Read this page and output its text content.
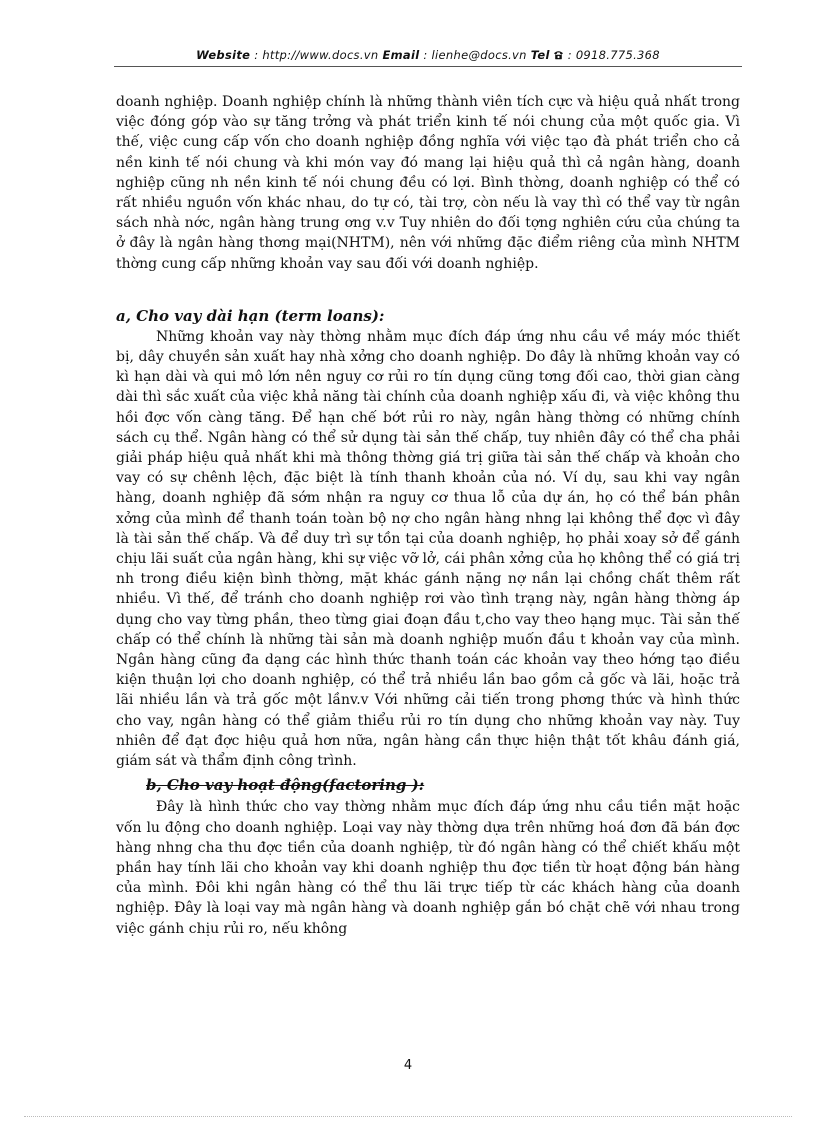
Website : http://www.docs.vn Email : lienhe@docs.vn Tel : 0918.775.368

doanh nghiệp. Doanh nghiệp chính là những thành viên tích cực và hiệu quả nhất trong việc đóng góp vào sự tăng trởng và phát triển kinh tế nói chung của một quốc gia. Vì thế, việc cung cấp vốn cho doanh nghiệp đồng nghĩa với việc tạo đà phát triển cho cả nền kinh tế nói chung và khi món vay đó mang lại hiệu quả thì cả ngân hàng, doanh nghiệp cũng nh nền kinh tế nói chung đều có lợi. Bình thờng, doanh nghiệp có thể có rất nhiều nguồn vốn khác nhau, do tự có, tài trợ, còn nếu là vay thì có thể vay từ ngân sách nhà nớc, ngân hàng trung ơng v.v Tuy nhiên do đối tợng nghiên cứu của chúng ta ở đây là ngân hàng thơng mại(NHTM), nên với những đặc điểm riêng của mình NHTM thờng cung cấp những khoản vay sau đối với doanh nghiệp.

a, Cho vay dài hạn (term loans):

Những khoản vay này thờng nhằm mục đích đáp ứng nhu cầu về máy móc thiết bị, dây chuyền sản xuất hay nhà xởng cho doanh nghiệp. Do đây là những khoản vay có kì hạn dài và qui mô lớn nên nguy cơ rủi ro tín dụng cũng tơng đối cao, thời gian càng dài thì sắc xuất của việc khả năng tài chính của doanh nghiệp xấu đi, và việc không thu hồi đợc vốn càng tăng. Để hạn chế bớt rủi ro này, ngân hàng thờng có những chính sách cụ thể. Ngân hàng có thể sử dụng tài sản thế chấp, tuy nhiên đây có thể cha phải giải pháp hiệu quả nhất khi mà thông thờng giá trị giữa tài sản thế chấp và khoản cho vay có sự chênh lệch, đặc biệt là tính thanh khoản của nó. Ví dụ, sau khi vay ngân hàng, doanh nghiệp đã sớm nhận ra nguy cơ thua lỗ của dự án, họ có thể bán phân xởng của mình để thanh toán toàn bộ nợ cho ngân hàng nhng lại không thể đợc vì đây là tài sản thế chấp. Và để duy trì sự tồn tại của doanh nghiệp, họ phải xoay sở để gánh chịu lãi suất của ngân hàng, khi sự việc vỡ lở, cái phân xởng của họ không thể có giá trị nh trong điều kiện bình thờng, mặt khác gánh nặng nợ nần lại chồng chất thêm rất nhiều. Vì thế, để tránh cho doanh nghiệp rơi vào tình trạng này, ngân hàng thờng áp dụng cho vay từng phần, theo từng giai đoạn đầu t,cho vay theo hạng mục. Tài sản thế chấp có thể chính là những tài sản mà doanh nghiệp muốn đầu t khoản vay của mình. Ngân hàng cũng đa dạng các hình thức thanh toán các khoản vay theo hớng tạo điều kiện thuận lợi cho doanh nghiệp, có thể trả nhiều lần bao gồm cả gốc và lãi, hoặc trả lãi nhiều lần và trả gốc một lầnv.v Với những cải tiến trong phơng thức và hình thức cho vay, ngân hàng có thể giảm thiểu rủi ro tín dụng cho những khoản vay này. Tuy nhiên để đạt đợc hiệu quả hơn nữa, ngân hàng cần thực hiện thật tốt khâu đánh giá, giám sát và thẩm định công trình.

b, Cho vay hoạt động(factoring ):

Đây là hình thức cho vay thờng nhằm mục đích đáp ứng nhu cầu tiền mặt hoặc vốn lu động cho doanh nghiệp. Loại vay này thờng dựa trên những hoá đơn đã bán đợc hàng nhng cha thu đợc tiền của doanh nghiệp, từ đó ngân hàng có thể chiết khấu một phần hay tính lãi cho khoản vay khi doanh nghiệp thu đợc tiền từ hoạt động bán hàng của mình. Đôi khi ngân hàng có thể thu lãi trực tiếp từ các khách hàng của doanh nghiệp. Đây là loại vay mà ngân hàng và doanh nghiệp gắn bó chặt chẽ với nhau trong việc gánh chịu rủi ro, nếu không

4
